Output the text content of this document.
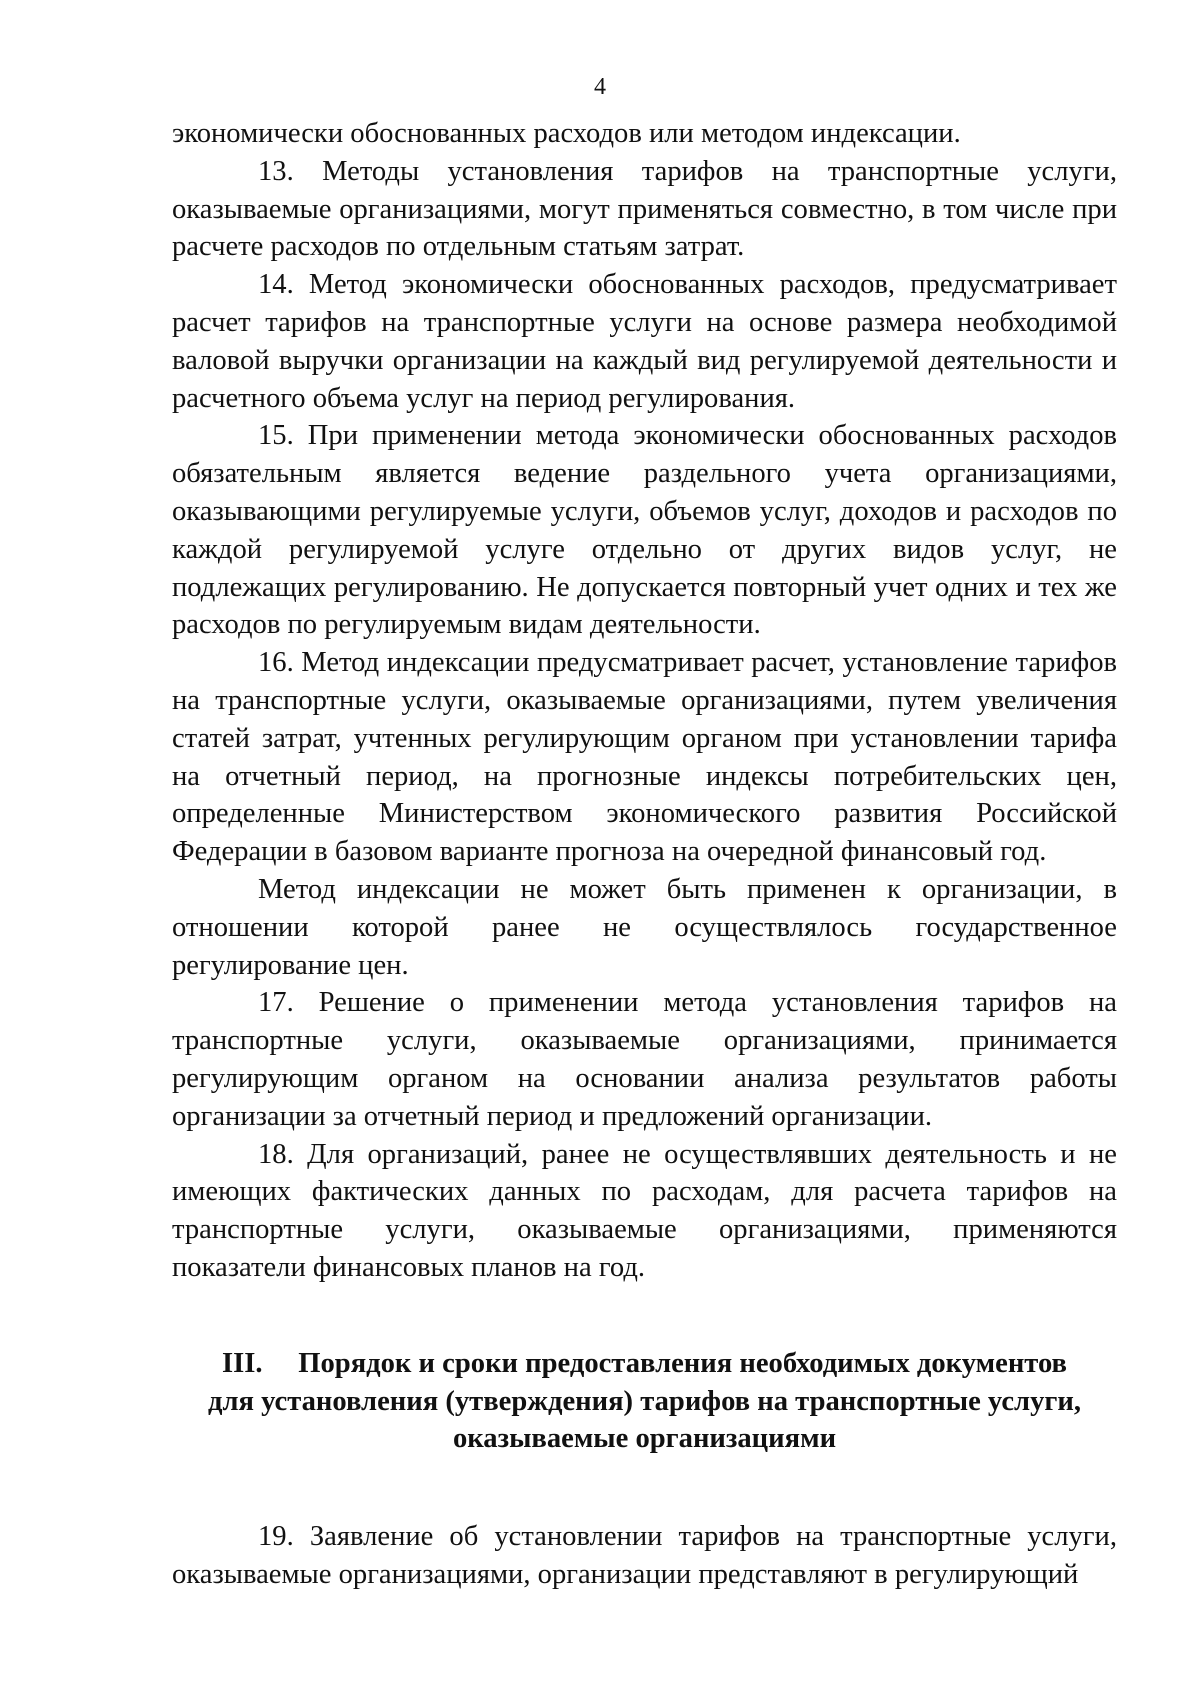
4

экономически обоснованных расходов или методом индексации.

13. Методы установления тарифов на транспортные услуги, оказываемые организациями, могут применяться совместно, в том числе при расчете расходов по отдельным статьям затрат.

14. Метод экономически обоснованных расходов, предусматривает расчет тарифов на транспортные услуги на основе размера необходимой валовой выручки организации на каждый вид регулируемой деятельности и расчетного объема услуг на период регулирования.

15. При применении метода экономически обоснованных расходов обязательным является ведение раздельного учета организациями, оказывающими регулируемые услуги, объемов услуг, доходов и расходов по каждой регулируемой услуге отдельно от других видов услуг, не подлежащих регулированию. Не допускается повторный учет одних и тех же расходов по регулируемым видам деятельности.

16. Метод индексации предусматривает расчет, установление тарифов на транспортные услуги, оказываемые организациями, путем увеличения статей затрат, учтенных регулирующим органом при установлении тарифа на отчетный период, на прогнозные индексы потребительских цен, определенные Министерством экономического развития Российской Федерации в базовом варианте прогноза на очередной финансовый год.

Метод индексации не может быть применен к организации, в отношении которой ранее не осуществлялось государственное регулирование цен.

17. Решение о применении метода установления тарифов на транспортные услуги, оказываемые организациями, принимается регулирующим органом на основании анализа результатов работы организации за отчетный период и предложений организации.

18. Для организаций, ранее не осуществлявших деятельность и не имеющих фактических данных по расходам, для расчета тарифов на транспортные услуги, оказываемые организациями, применяются показатели финансовых планов на год.

III.  Порядок и сроки предоставления необходимых документов
для установления (утверждения) тарифов на транспортные услуги,
оказываемые организациями

19. Заявление об установлении тарифов на транспортные услуги, оказываемые организациями, организации представляют в регулирующий
